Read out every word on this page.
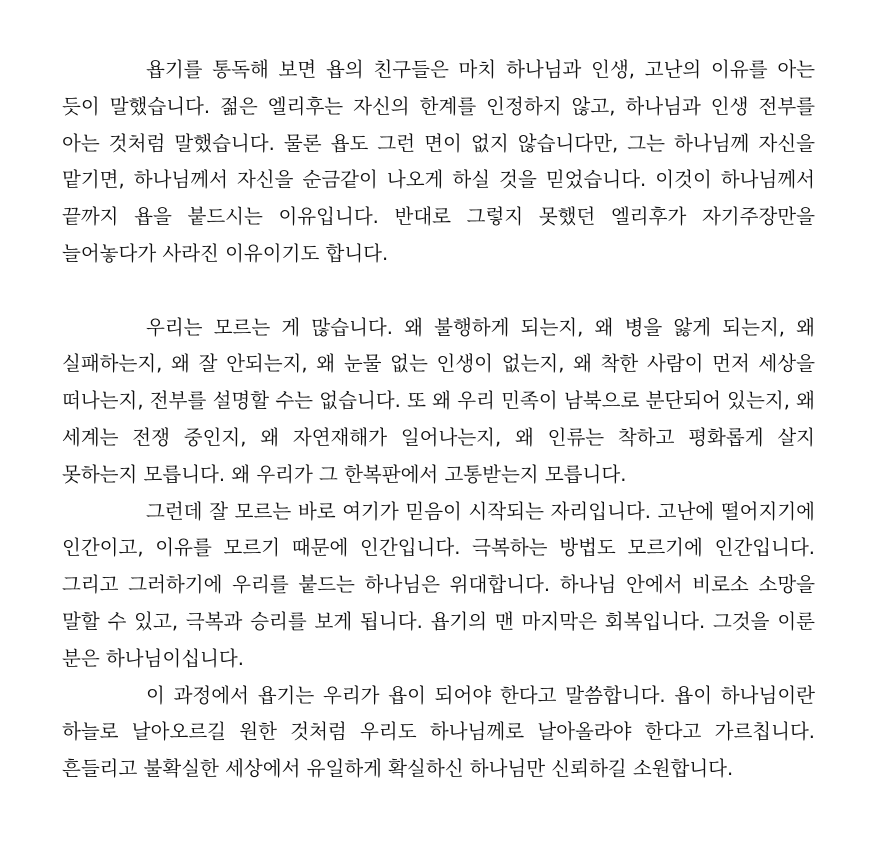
욥기를 통독해 보면 욥의 친구들은 마치 하나님과 인생, 고난의 이유를 아는 듯이 말했습니다. 젊은 엘리후는 자신의 한계를 인정하지 않고, 하나님과 인생 전부를 아는 것처럼 말했습니다. 물론 욥도 그런 면이 없지 않습니다만, 그는 하나님께 자신을 맡기면, 하나님께서 자신을 순금같이 나오게 하실 것을 믿었습니다. 이것이 하나님께서 끝까지 욥을 붙드시는 이유입니다. 반대로 그렇지 못했던 엘리후가 자기주장만을 늘어놓다가 사라진 이유이기도 합니다.

우리는 모르는 게 많습니다. 왜 불행하게 되는지, 왜 병을 앓게 되는지, 왜 실패하는지, 왜 잘 안되는지, 왜 눈물 없는 인생이 없는지, 왜 착한 사람이 먼저 세상을 떠나는지, 전부를 설명할 수는 없습니다. 또 왜 우리 민족이 남북으로 분단되어 있는지, 왜 세계는 전쟁 중인지, 왜 자연재해가 일어나는지, 왜 인류는 착하고 평화롭게 살지 못하는지 모릅니다. 왜 우리가 그 한복판에서 고통받는지 모릅니다.

그런데 잘 모르는 바로 여기가 믿음이 시작되는 자리입니다. 고난에 떨어지기에 인간이고, 이유를 모르기 때문에 인간입니다. 극복하는 방법도 모르기에 인간입니다. 그리고 그러하기에 우리를 붙드는 하나님은 위대합니다. 하나님 안에서 비로소 소망을 말할 수 있고, 극복과 승리를 보게 됩니다. 욥기의 맨 마지막은 회복입니다. 그것을 이룬 분은 하나님이십니다.

이 과정에서 욥기는 우리가 욥이 되어야 한다고 말씀합니다. 욥이 하나님이란 하늘로 날아오르길 원한 것처럼 우리도 하나님께로 날아올라야 한다고 가르칩니다. 흔들리고 불확실한 세상에서 유일하게 확실하신 하나님만 신뢰하길 소원합니다.
